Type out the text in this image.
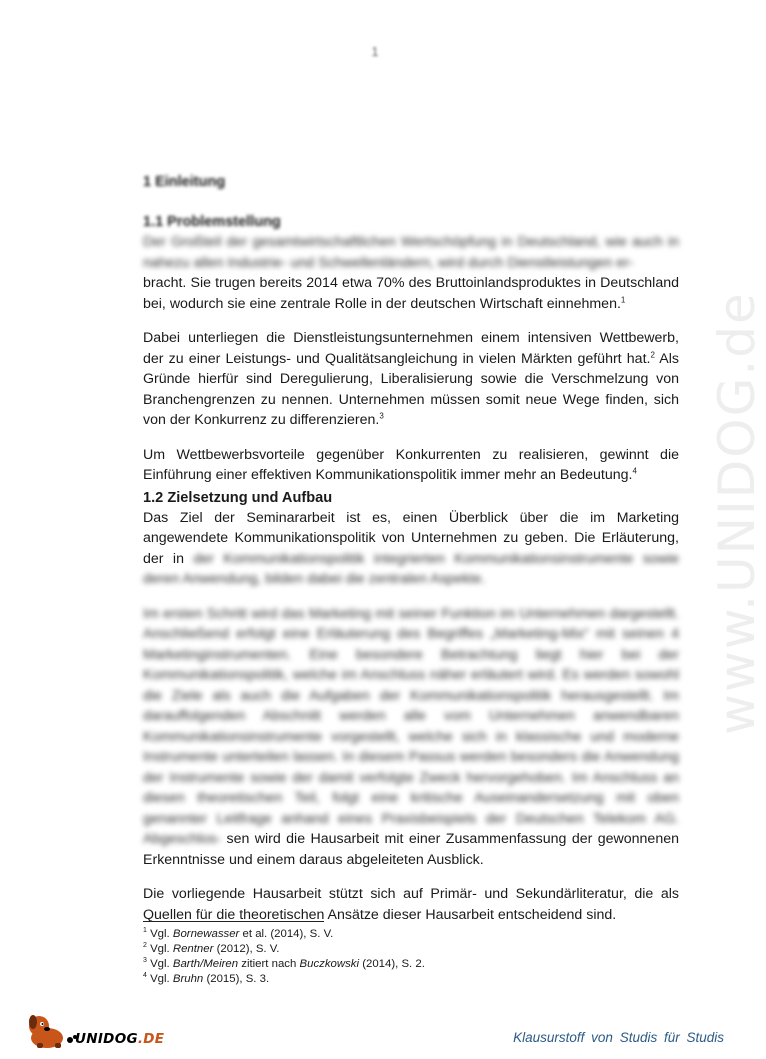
1
www.UNIDOG.de
1 Einleitung
1.1 Problemstellung

Der Großteil der gesamtwirtschaftlichen Wertschöpfung in Deutschland, wie auch in nahezu allen Industrie- und Schwellenländern, wird durch Dienstleistungen er-
bracht. Sie trugen bereits 2014 etwa 70% des Bruttoinlandsproduktes in Deutschland bei, wodurch sie eine zentrale Rolle in der deutschen Wirtschaft einnehmen.$^1$

Dabei unterliegen die Dienstleistungsunternehmen einem intensiven Wettbewerb, der zu einer Leistungs- und Qualitätsangleichung in vielen Märkten geführt hat.$^2$ Als Gründe hierfür sind Deregulierung, Liberalisierung sowie die Verschmelzung von Branchengrenzen zu nennen. Unternehmen müssen somit neue Wege finden, sich von der Konkurrenz zu differenzieren.$^3$

Um Wettbewerbsvorteile gegenüber Konkurrenten zu realisieren, gewinnt die Einführung einer effektiven Kommunikationspolitik immer mehr an Bedeutung.$^4$

1.2 Zielsetzung und Aufbau

Das Ziel der Seminararbeit ist es, einen Überblick über die im Marketing angewendete Kommunikationspolitik von Unternehmen zu geben. Die Erläuterung, der in der Kommunikationspolitik integrierten Kommunikationsinstrumente sowie deren Anwendung, bilden dabei die zentralen Aspekte.

Im ersten Schritt wird das Marketing mit seiner Funktion im Unternehmen dargestellt. Anschließend erfolgt eine Erläuterung des Begriffes „Marketing-Mix“ mit seinen 4 Marketinginstrumenten. Eine besondere Betrachtung liegt hier bei der Kommunikationspolitik, welche im Anschluss näher erläutert wird. Es werden sowohl die Ziele als auch die Aufgaben der Kommunikationspolitik herausgestellt. Im darauffolgenden Abschnitt werden alle vom Unternehmen anwendbaren Kommunikationsinstrumente vorgestellt, welche sich in klassische und moderne Instrumente unterteilen lassen. In diesem Passus werden besonders die Anwendung der Instrumente sowie der damit verfolgte Zweck hervorgehoben. Im Anschluss an diesen theoretischen Teil, folgt eine kritische Auseinandersetzung mit oben genannter Leitfrage anhand eines Praxisbeispiels der Deutschen Telekom AG. Abgeschlos- sen wird die Hausarbeit mit einer Zusammenfassung der gewonnenen Erkenntnisse und einem daraus abgeleiteten Ausblick.

Die vorliegende Hausarbeit stützt sich auf Primär- und Sekundärliteratur, die als Quellen für die theoretischen Ansätze dieser Hausarbeit entscheidend sind.

$^1$ Vgl. Bornewasser et al. (2014), S. V.
$^2$ Vgl. Rentner (2012), S. V.
$^3$ Vgl. Barth/Meiren zitiert nach Buczkowski (2014), S. 2.
$^4$ Vgl. Bruhn (2015), S. 3.
UNIDOG.DE	Klausurstoff von Studis für Studis
